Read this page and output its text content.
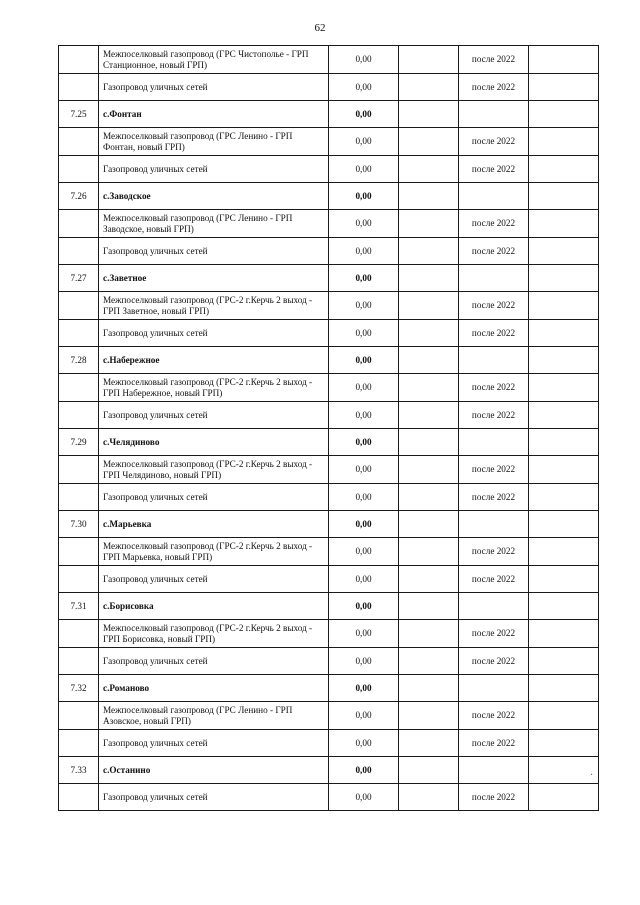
62
	Межпоселковый газопровод (ГРС Чистополье - ГРП Станционное, новый ГРП)	0,00		после 2022	
	Газопровод уличных сетей	0,00		после 2022	
7.25	с.Фонтан	0,00			
	Межпоселковый газопровод (ГРС Ленино - ГРП Фонтан, новый ГРП)	0,00		после 2022	
	Газопровод уличных сетей	0,00		после 2022	
7.26	с.Заводское	0,00			
	Межпоселковый газопровод (ГРС Ленино - ГРП Заводское, новый ГРП)	0,00		после 2022	
	Газопровод уличных сетей	0,00		после 2022	
7.27	с.Заветное	0,00			
	Межпоселковый газопровод (ГРС-2 г.Керчь 2 выход - ГРП Заветное, новый ГРП)	0,00		после 2022	
	Газопровод уличных сетей	0,00		после 2022	
7.28	с.Набережное	0,00			
	Межпоселковый газопровод (ГРС-2 г.Керчь 2 выход - ГРП Набережное, новый ГРП)	0,00		после 2022	
	Газопровод уличных сетей	0,00		после 2022	
7.29	с.Челядиново	0,00			
	Межпоселковый газопровод (ГРС-2 г.Керчь 2 выход - ГРП Челядиново, новый ГРП)	0,00		после 2022	
	Газопровод уличных сетей	0,00		после 2022	
7.30	с.Марьевка	0,00			
	Межпоселковый газопровод (ГРС-2 г.Керчь 2 выход - ГРП Марьевка, новый ГРП)	0,00		после 2022	
	Газопровод уличных сетей	0,00		после 2022	
7.31	с.Борисовка	0,00			
	Межпоселковый газопровод (ГРС-2 г.Керчь 2 выход - ГРП Борисовка, новый ГРП)	0,00		после 2022	
	Газопровод уличных сетей	0,00		после 2022	
7.32	с.Романово	0,00			
	Межпоселковый газопровод (ГРС Ленино - ГРП Азовское, новый ГРП)	0,00		после 2022	
	Газопровод уличных сетей	0,00		после 2022	
7.33	с.Останино	0,00			
	Газопровод уличных сетей	0,00		после 2022	
·
